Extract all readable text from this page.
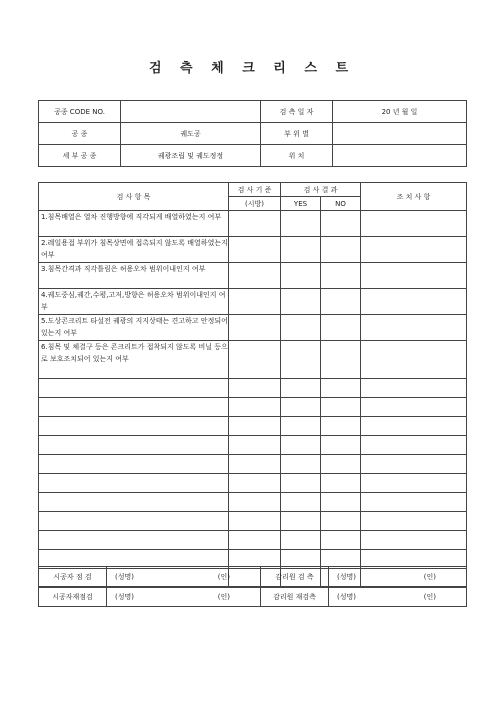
검 측 체 크 리 스 트
공종 CODE NO.		검 측 일 자	20 년 월 일
공 종	궤도공	부 위 별	
세 부 공 종	궤광조립 및 궤도정정	위 치	
검 사 항 목	검 사 기 준	검 사 결 과		조 치 사 항
	(시방)	YES	NO	
1.침목배열은 열차 진행방향에 직각되게 배열하였는지 여부				
2.레일용접 부위가 침목상면에 접촉되지 않도록 배열하였는지 여부				
3.침목간격과 직각틀림은 허용오차 범위이내인지 여부				
4.궤도중심,궤간,수평,고저,방향은 허용오차 범위이내인지 여부				
5.도상콘크리트 타설전 궤광의 지지상태는 견고하고 안정되어 있는지 여부				
6.침목 및 체결구 등은 콘크리트가 접착되지 않도록 비닐 등으로 보호조치되어 있는지 여부				

시공자 점 검	(성명) (인)	감리원 검 측	(성명) (인)

시공자재점검	(성명) (인)	감리원 재검측	(성명) (인)
